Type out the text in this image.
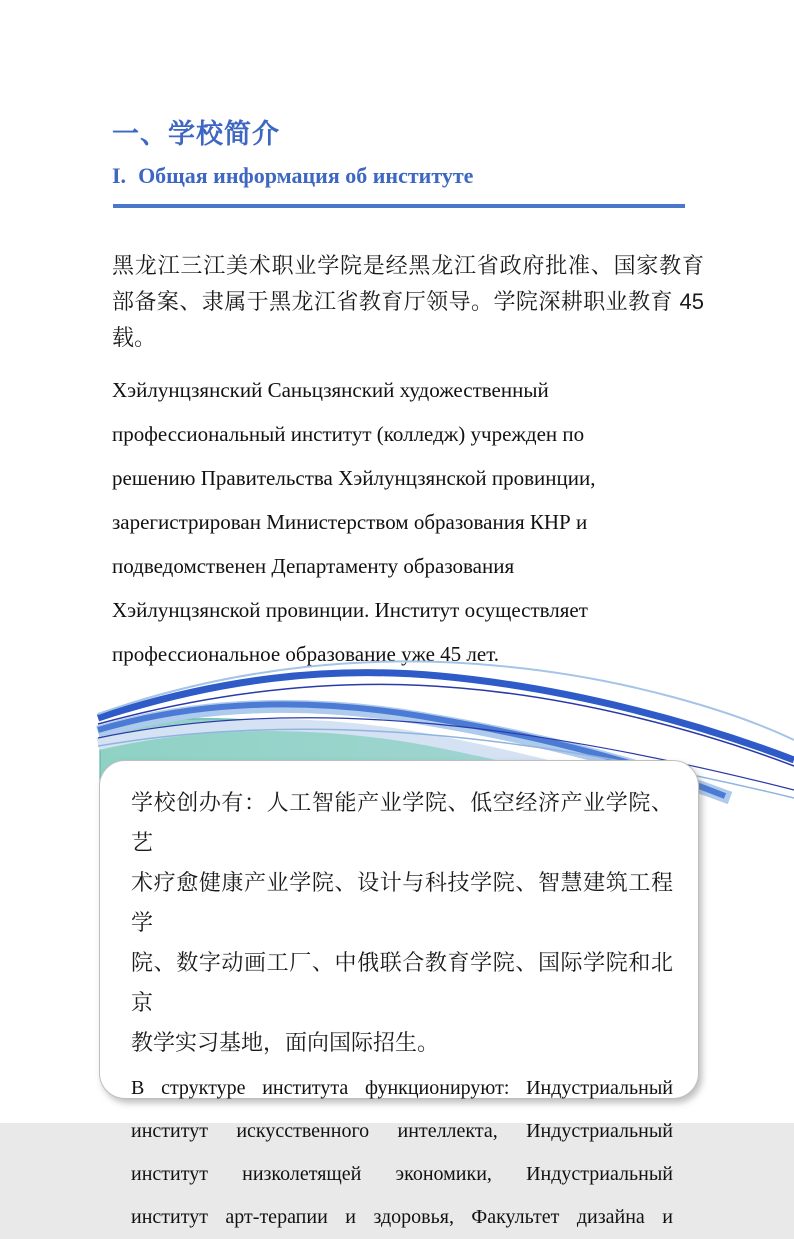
一、学校简介
I. Общая информация об институте
黑龙江三江美术职业学院是经黑龙江省政府批准、国家教育
部备案、隶属于黑龙江省教育厅领导。学院深耕职业教育 45
载。
Хэйлунцзянский Саньцзянский художественный
профессиональный институт (колледж) учрежден по
решению Правительства Хэйлунцзянской провинции,
зарегистрирован Министерством образования КНР и
подведомственен Департаменту образования
Хэйлунцзянской провинции. Институт осуществляет
профессиональное образование уже 45 лет.
学校创办有：人工智能产业学院、低空经济产业学院、艺
术疗愈健康产业学院、设计与科技学院、智慧建筑工程学
院、数字动画工厂、中俄联合教育学院、国际学院和北京
教学实习基地，面向国际招生。
В структуре института функционируют: Индустриальный
институт искусственного интеллекта, Индустриальный
институт низколетящей экономики, Индустриальный
институт арт-терапии и здоровья, Факультет дизайна и
